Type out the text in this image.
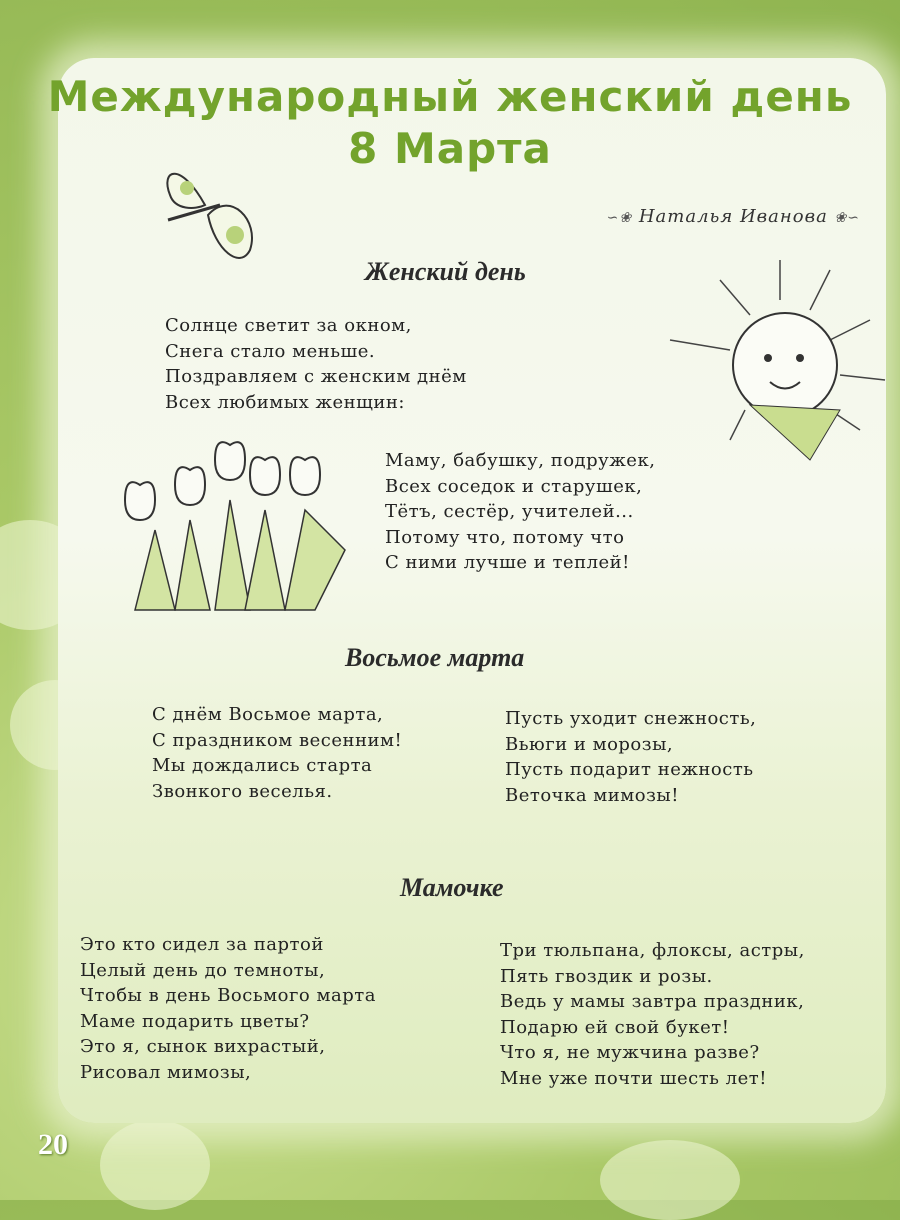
Международный женский день
8 Марта
∽❀ Наталья Иванова ❀∽
Женский день
Солнце светит за окном,
Снега стало меньше.
Поздравляем с женским днём
Всех любимых женщин:
Маму, бабушку, подружек,
Всех соседок и старушек,
Тётъ, сестёр, учителей...
Потому что, потому что
С ними лучше и теплей!
Восьмое марта
С днём Восьмое марта,
С праздником весенним!
Мы дождались старта
Звонкого веселья.
Пусть уходит снежность,
Вьюги и морозы,
Пусть подарит нежность
Веточка мимозы!
Мамочке
Это кто сидел за партой
Целый день до темноты,
Чтобы в день Восьмого марта
Маме подарить цветы?
Это я, сынок вихрастый,
Рисовал мимозы,
Три тюльпана, флоксы, астры,
Пять гвоздик и розы.
Ведь у мамы завтра праздник,
Подарю ей свой букет!
Что я, не мужчина разве?
Мне уже почти шесть лет!
20
